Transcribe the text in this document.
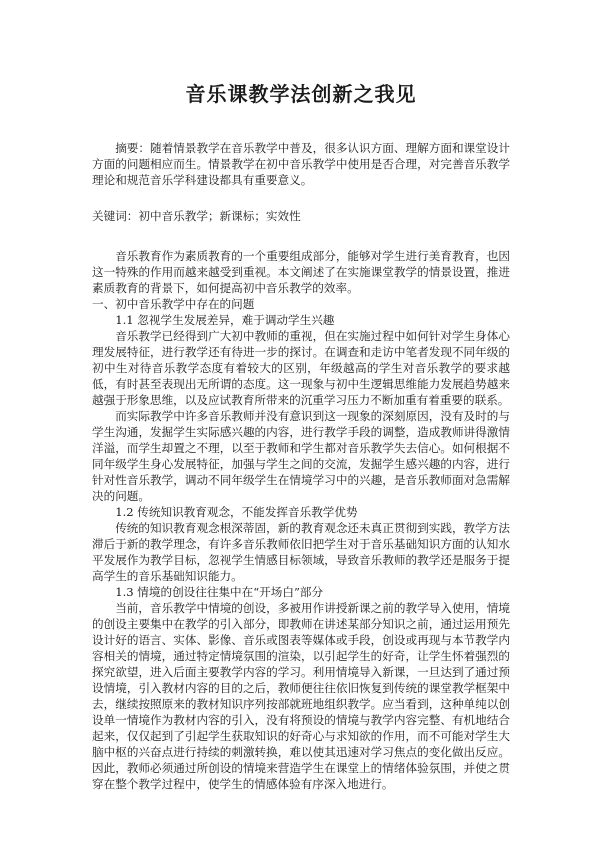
音乐课教学法创新之我见

摘要：随着情景教学在音乐教学中普及，很多认识方面、理解方面和课堂设计方面的问题相应而生。情景教学在初中音乐教学中使用是否合理，对完善音乐教学理论和规范音乐学科建设都具有重要意义。

关键词：初中音乐教学；新课标；实效性

音乐教育作为素质教育的一个重要组成部分，能够对学生进行美育教育，也因这一特殊的作用而越来越受到重视。本文阐述了在实施课堂教学的情景设置，推进素质教育的背景下，如何提高初中音乐教学的效率。

一、初中音乐教学中存在的问题

1.1 忽视学生发展差异，难于调动学生兴趣

音乐教学已经得到广大初中教师的重视，但在实施过程中如何针对学生身体心理发展特征，进行教学还有待进一步的探讨。在调查和走访中笔者发现不同年级的初中生对待音乐教学态度有着较大的区别，年级越高的学生对音乐教学的要求越低，有时甚至表现出无所谓的态度。这一现象与初中生逻辑思维能力发展趋势越来越强于形象思维，以及应试教育所带来的沉重学习压力不断加重有着重要的联系。

而实际教学中许多音乐教师并没有意识到这一现象的深刻原因，没有及时的与学生沟通，发掘学生实际感兴趣的内容，进行教学手段的调整，造成教师讲得激情洋溢，而学生却置之不理，以至于教师和学生都对音乐教学失去信心。如何根据不同年级学生身心发展特征，加强与学生之间的交流，发掘学生感兴趣的内容，进行针对性音乐教学，调动不同年级学生在情境学习中的兴趣，是音乐教师面对急需解决的问题。

1.2 传统知识教育观念，不能发挥音乐教学优势

传统的知识教育观念根深蒂固，新的教育观念还未真正贯彻到实践，教学方法滞后于新的教学理念，有许多音乐教师依旧把学生对于音乐基础知识方面的认知水平发展作为教学目标，忽视学生情感目标领域，导致音乐教师的教学还是服务于提高学生的音乐基础知识能力。

1.3 情境的创设往往集中在“开场白”部分

当前，音乐教学中情境的创设，多被用作讲授新课之前的教学导入使用，情境的创设主要集中在教学的引入部分，即教师在讲述某部分知识之前，通过运用预先设计好的语言、实体、影像、音乐或图表等媒体或手段，创设或再现与本节教学内容相关的情境，通过特定情境氛围的渲染，以引起学生的好奇，让学生怀着强烈的探究欲望，进入后面主要教学内容的学习。利用情境导入新课，一旦达到了通过预设情境，引入教材内容的目的之后，教师便往往依旧恢复到传统的课堂教学框架中去，继续按照原来的教材知识序列按部就班地组织教学。应当看到，这种单纯以创设单一情境作为教材内容的引入，没有将预设的情境与教学内容完整、有机地结合起来，仅仅起到了引起学生获取知识的好奇心与求知欲的作用，而不可能对学生大脑中枢的兴奋点进行持续的刺激转换，难以使其迅速对学习焦点的变化做出反应。因此，教师必须通过所创设的情境来营造学生在课堂上的情绪体验氛围，并使之贯穿在整个教学过程中，使学生的情感体验有序深入地进行。
